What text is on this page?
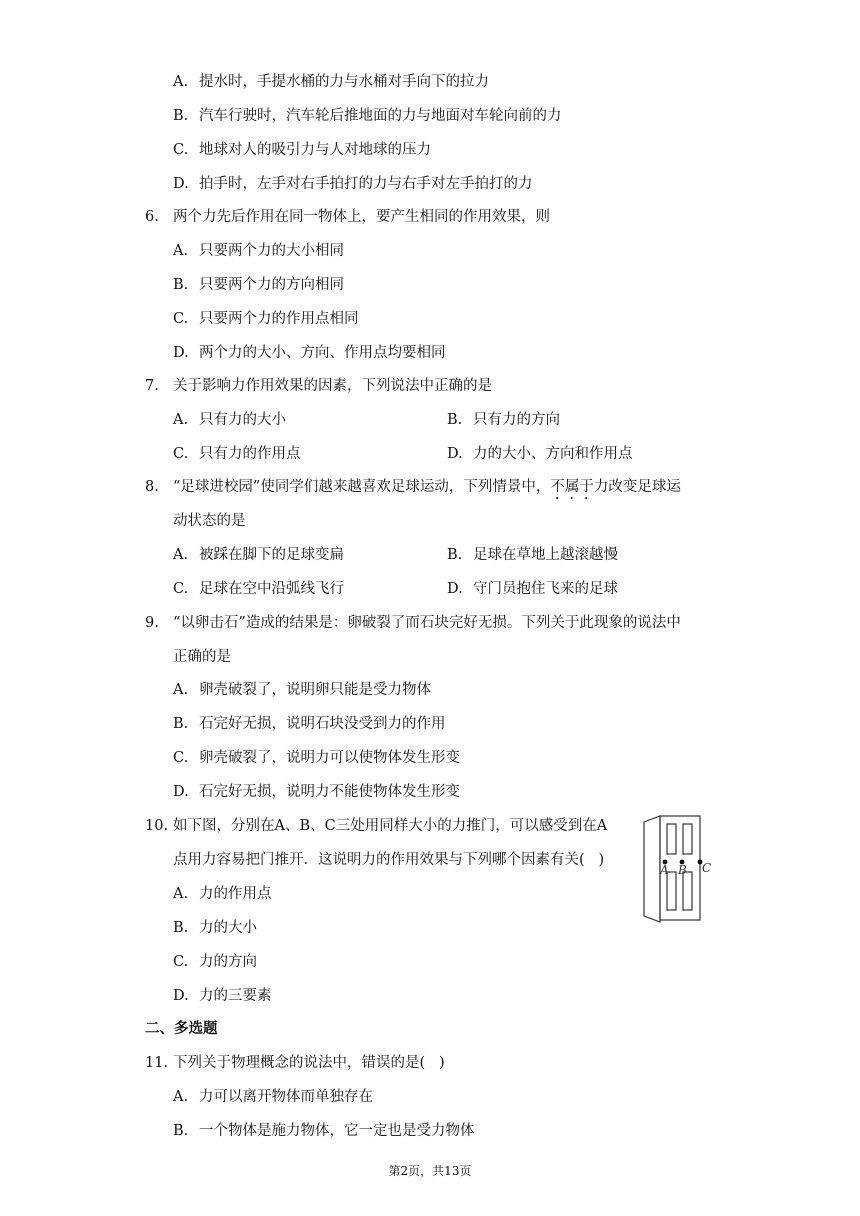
A. 提水时，手提水桶的力与水桶对手向下的拉力
B. 汽车行驶时，汽车轮后推地面的力与地面对车轮向前的力
C. 地球对人的吸引力与人对地球的压力
D. 拍手时，左手对右手拍打的力与右手对左手拍打的力
6. 两个力先后作用在同一物体上，要产生相同的作用效果，则
A. 只要两个力的大小相同
B. 只要两个力的方向相同
C. 只要两个力的作用点相同
D. 两个力的大小、方向、作用点均要相同
7. 关于影响力作用效果的因素，下列说法中正确的是
A. 只有力的大小	B. 只有力的方向
C. 只有力的作用点	D. 力的大小、方向和作用点
8. “足球进校园”使同学们越来越喜欢足球运动，下列情景中，不属于力改变足球运
动状态的是
A. 被踩在脚下的足球变扁	B. 足球在草地上越滚越慢
C. 足球在空中沿弧线飞行	D. 守门员抱住飞来的足球
9. “以卵击石”造成的结果是：卵破裂了而石块完好无损。下列关于此现象的说法中
正确的是
A. 卵壳破裂了，说明卵只能是受力物体
B. 石完好无损，说明石块没受到力的作用
C. 卵壳破裂了，说明力可以使物体发生形变
D. 石完好无损，说明力不能使物体发生形变
10. 如下图，分别在A、B、C三处用同样大小的力推门，可以感受到在A
点用力容易把门推开．这说明力的作用效果与下列哪个因素有关(   )
A. 力的作用点
B. 力的大小
C. 力的方向
D. 力的三要素
A B C
二、多选题
11. 下列关于物理概念的说法中，错误的是(   )
A. 力可以离开物体而单独存在
B. 一个物体是施力物体，它一定也是受力物体
第2页，共13页
